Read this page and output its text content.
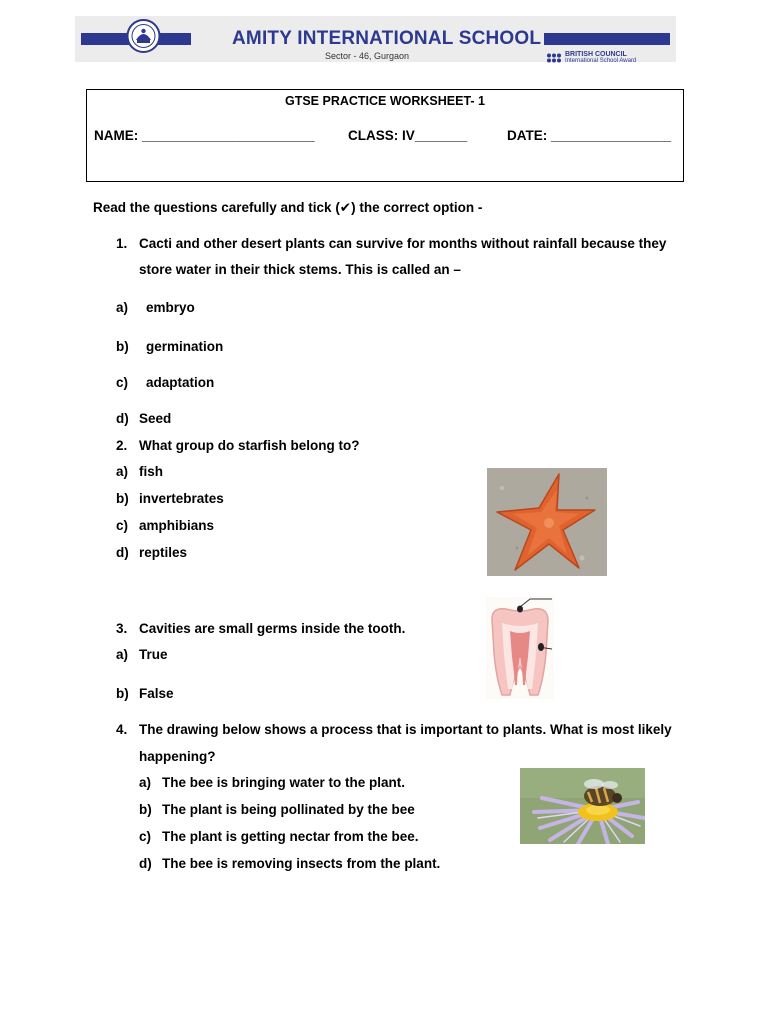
AMITY INTERNATIONAL SCHOOL
Sector - 46, Gurgaon	BRITISH COUNCIL
International School Award
GTSE PRACTICE WORKSHEET- 1
NAME: _______________________ CLASS: IV_______	DATE: ________________
Read the questions carefully and tick (✔) the correct option -
1. Cacti and other desert plants can survive for months without rainfall because they
store water in their thick stems. This is called an –
a) embryo
b) germination
c) adaptation
d) Seed
2. What group do starfish belong to?
a) fish
b) invertebrates
c) amphibians
d) reptiles
3. Cavities are small germs inside the tooth.
a) True
b) False
4. The drawing below shows a process that is important to plants. What is most likely
happening?
a) The bee is bringing water to the plant.
b) The plant is being pollinated by the bee
c) The plant is getting nectar from the bee.
d) The bee is removing insects from the plant.
